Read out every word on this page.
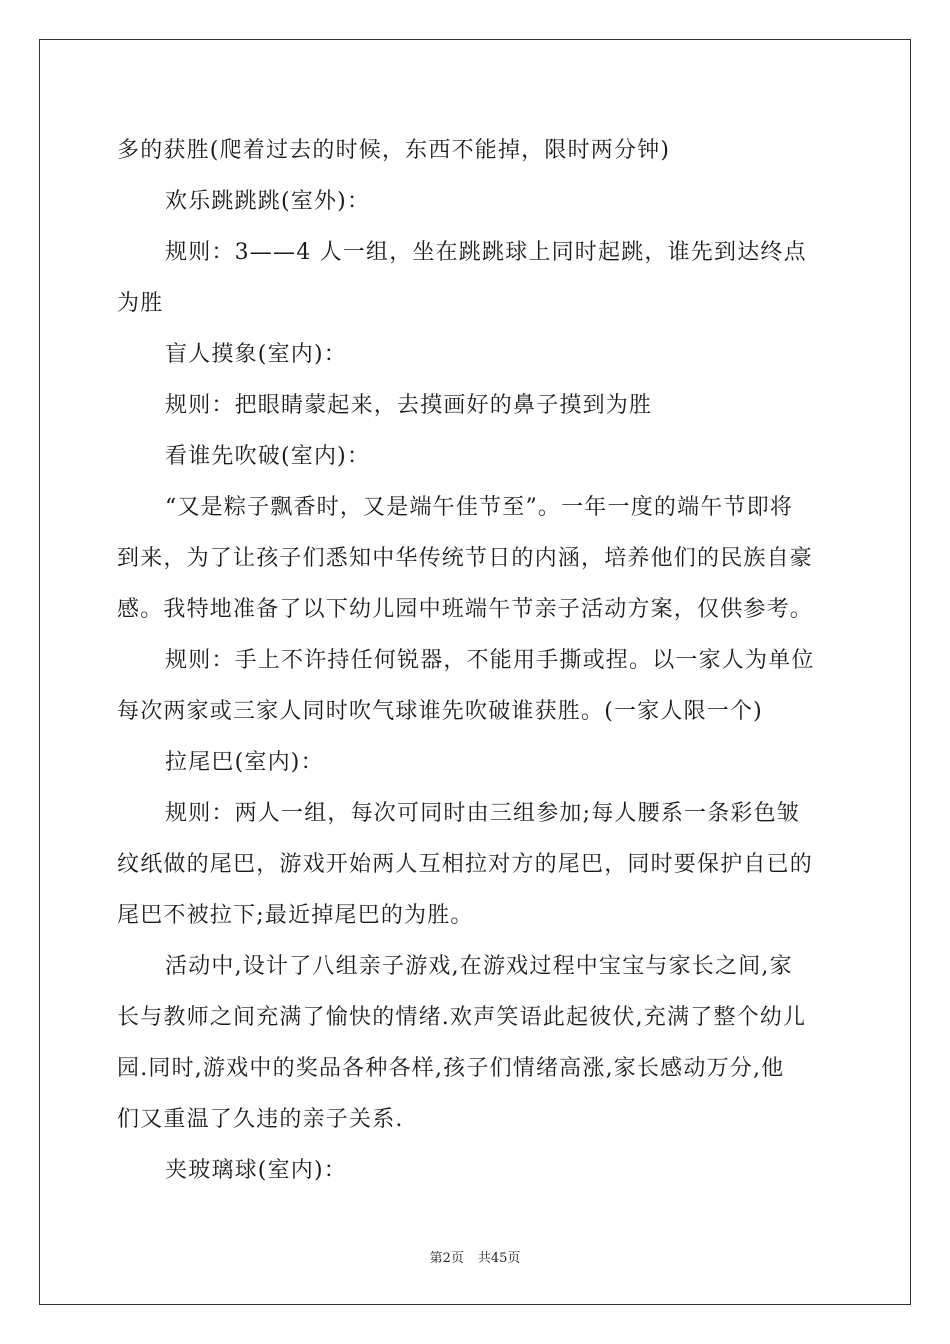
多的获胜(爬着过去的时候，东西不能掉，限时两分钟)
欢乐跳跳跳(室外)：
规则：3——4 人一组，坐在跳跳球上同时起跳，谁先到达终点
为胜
盲人摸象(室内)：
规则：把眼睛蒙起来，去摸画好的鼻子摸到为胜
看谁先吹破(室内)：
“又是粽子飘香时，又是端午佳节至”。一年一度的端午节即将
到来，为了让孩子们悉知中华传统节日的内涵，培养他们的民族自豪
感。我特地准备了以下幼儿园中班端午节亲子活动方案，仅供参考。
规则：手上不许持任何锐器，不能用手撕或捏。以一家人为单位
每次两家或三家人同时吹气球谁先吹破谁获胜。(一家人限一个)
拉尾巴(室内)：
规则：两人一组，每次可同时由三组参加;每人腰系一条彩色皱
纹纸做的尾巴，游戏开始两人互相拉对方的尾巴，同时要保护自已的
尾巴不被拉下;最近掉尾巴的为胜。
活动中,设计了八组亲子游戏,在游戏过程中宝宝与家长之间,家
长与教师之间充满了愉快的情绪.欢声笑语此起彼伏,充满了整个幼儿
园.同时,游戏中的奖品各种各样,孩子们情绪高涨,家长感动万分,他
们又重温了久违的亲子关系.
夹玻璃球(室内)：
第2页 共45页
